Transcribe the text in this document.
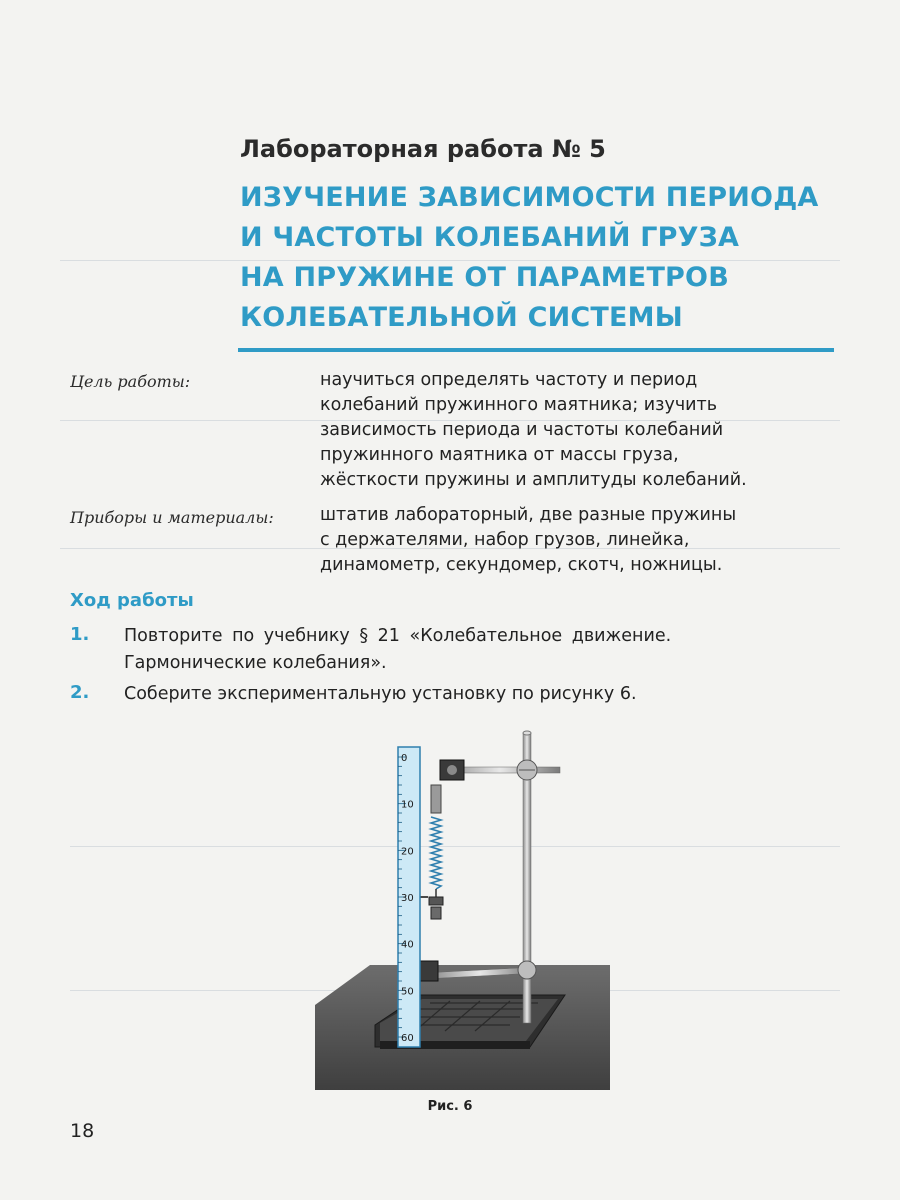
Лабораторная работа № 5
ИЗУЧЕНИЕ ЗАВИСИМОСТИ ПЕРИОДА
И ЧАСТОТЫ КОЛЕБАНИЙ ГРУЗА
НА ПРУЖИНЕ ОТ ПАРАМЕТРОВ
КОЛЕБАТЕЛЬНОЙ СИСТЕМЫ
Цель работы:	научиться определять частоту и период
колебаний пружинного маятника; изучить
зависимость периода и частоты колебаний
пружинного маятника от массы груза,
жёсткости пружины и амплитуды колебаний.
Приборы и материалы:	штатив лабораторный, две разные пружины
с держателями, набор грузов, линейка,
динамометр, секундомер, скотч, ножницы.
Ход работы
1. Повторите по учебнику § 21 «Колебательное движение.
Гармонические колебания».
2. Соберите экспериментальную установку по рисунку 6.
0
10
20
30
40
50
60
Рис. 6
18
